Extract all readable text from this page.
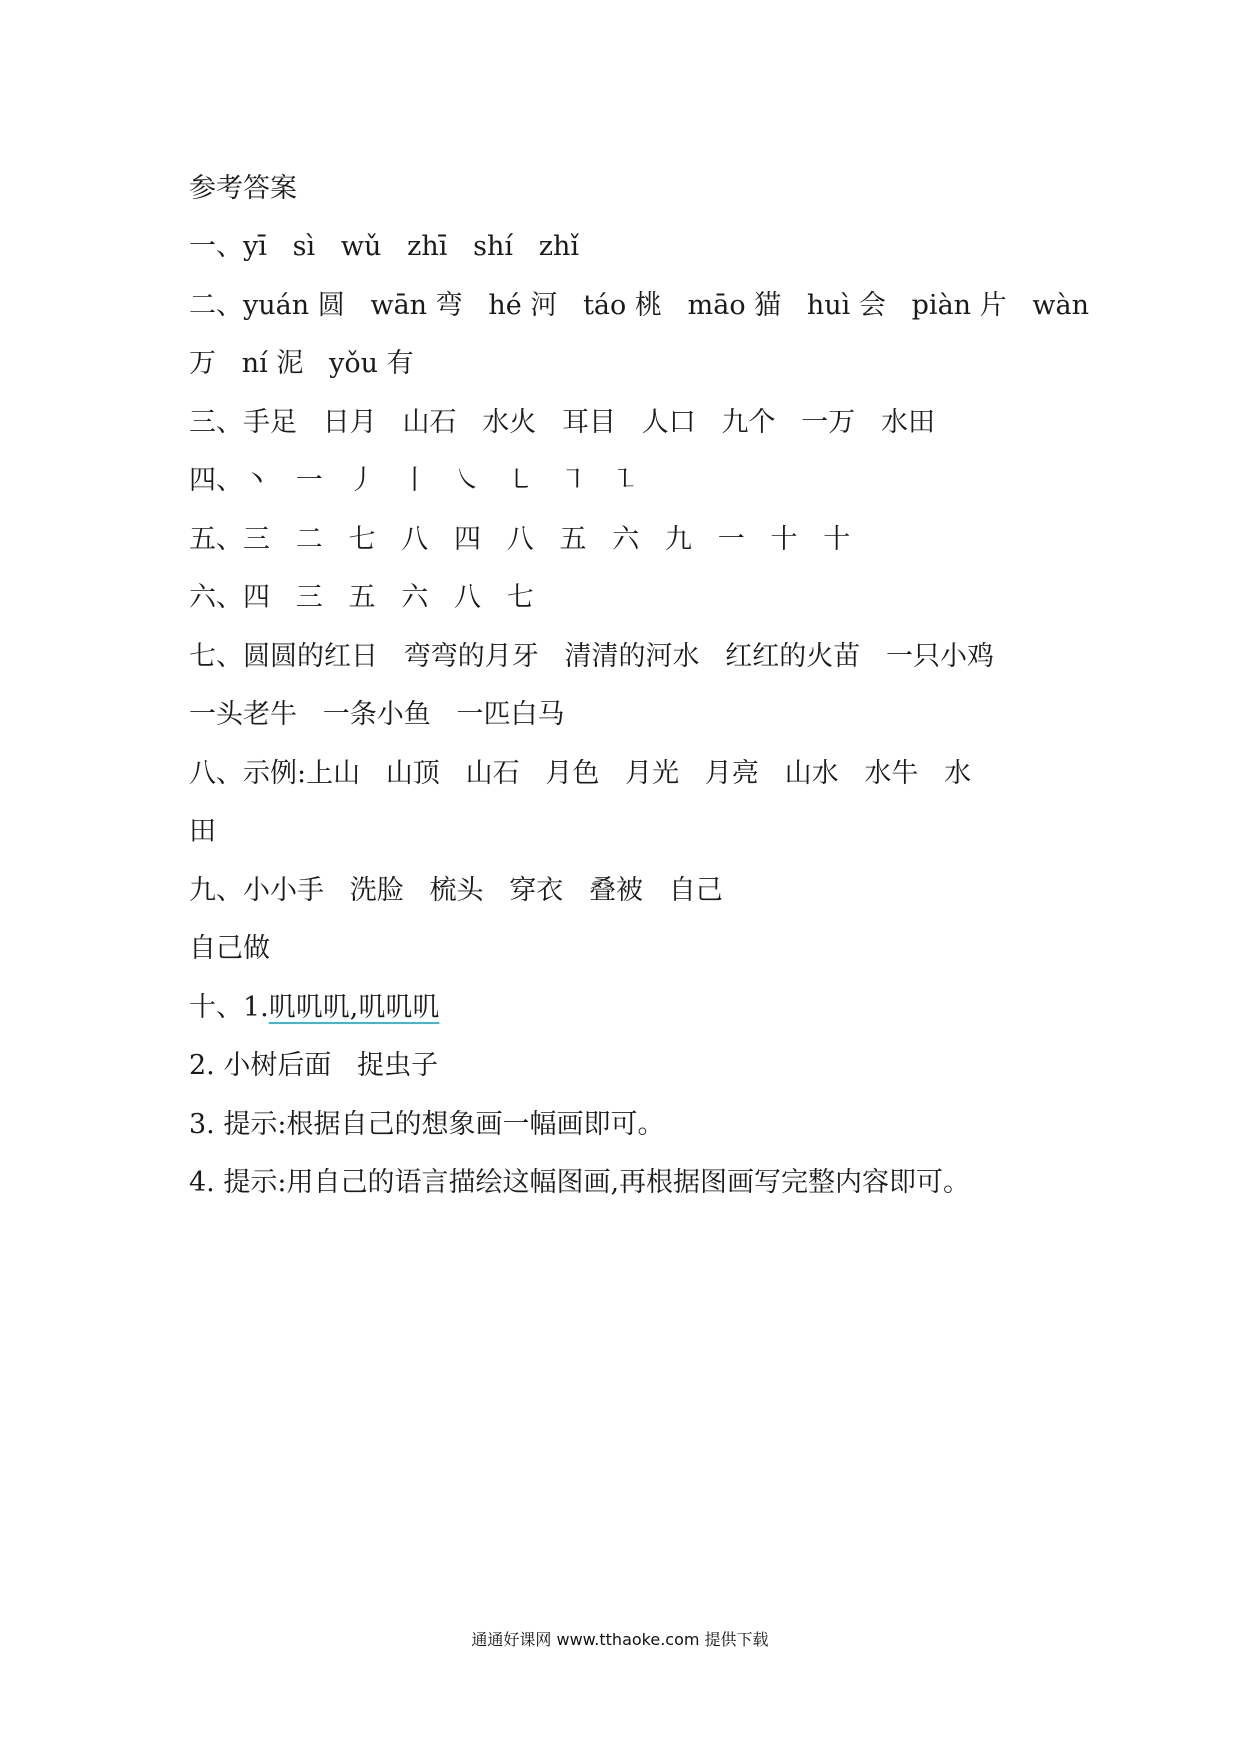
参考答案
一、yī   sì   wǔ   zhī   shí   zhǐ
二、yuán 圆   wān 弯   hé 河   táo 桃   māo 猫   huì 会   piàn 片   wàn
万   ní 泥   yǒu 有
三、手足   日月   山石   水火   耳目   人口   九个   一万   水田
四、丶   一   丿   丨   ㇏   ㇄   ㇕   ㇅
五、三   二   七   八   四   八   五   六   九   一   十   十
六、四   三   五   六   八   七
七、圆圆的红日   弯弯的月牙   清清的河水   红红的火苗   一只小鸡
一头老牛   一条小鱼   一匹白马
八、示例:上山   山顶   山石   月色   月光   月亮   山水   水牛   水
田
九、小小手   洗脸   梳头   穿衣   叠被   自己
自己做
十、1.叽叽叽,叽叽叽
2. 小树后面   捉虫子
3. 提示:根据自己的想象画一幅画即可。
4. 提示:用自己的语言描绘这幅图画,再根据图画写完整内容即可。
通通好课网 www.tthaoke.com 提供下载
